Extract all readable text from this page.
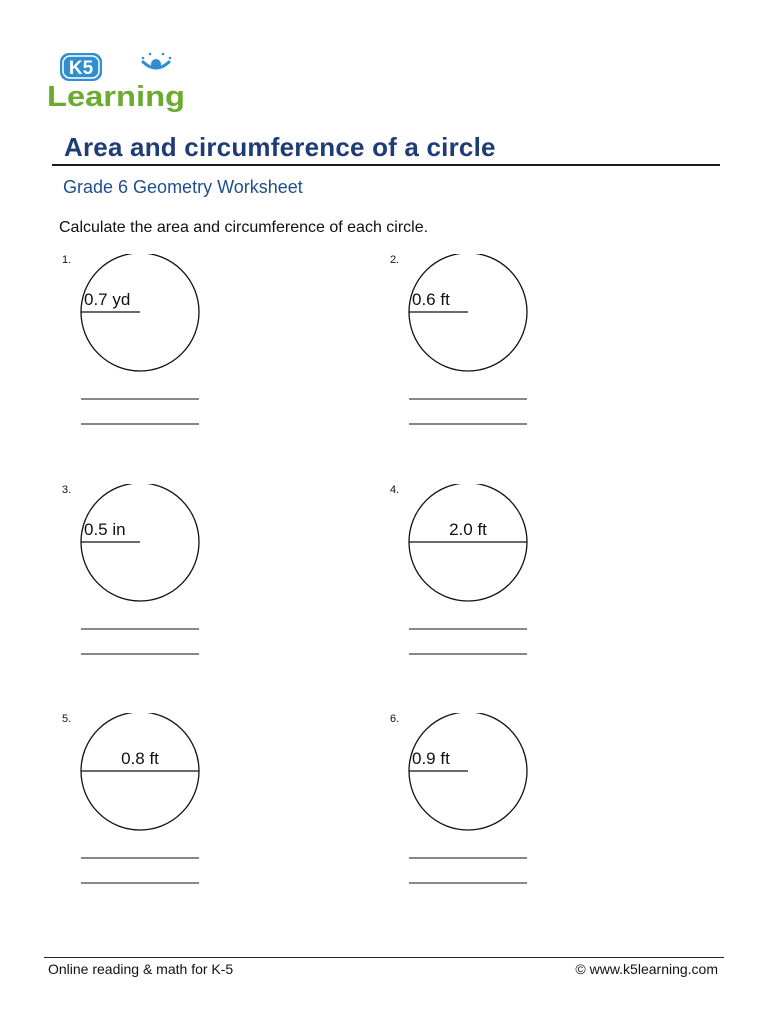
K5
Learning
Area and circumference of a circle
Grade 6 Geometry Worksheet
Calculate the area and circumference of each circle.
0.7 yd
1.
0.6 ft
2.
0.5 in
3.
2.0 ft
4.
0.8 ft
5.
0.9 ft
6.
Online reading & math for K-5	© www.k5learning.com
